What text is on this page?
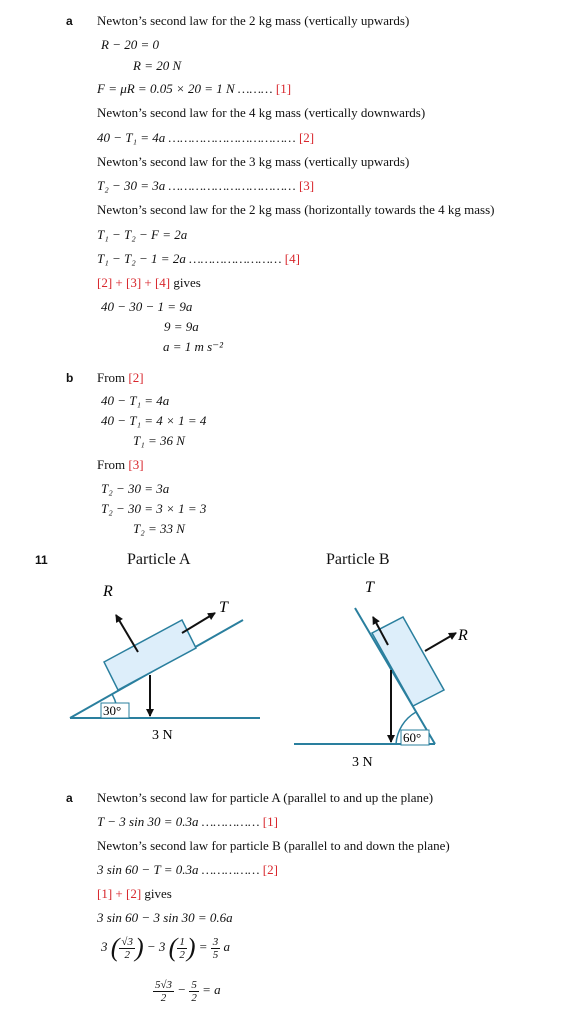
a Newton’s second law for the 2 kg mass (vertically upwards)
R − 20 = 0
R = 20 N
F = μR = 0.05 × 20 = 1 N ……… [1]
Newton’s second law for the 4 kg mass (vertically downwards)
40 − T₁ = 4a …………………………… [2]
Newton’s second law for the 3 kg mass (vertically upwards)
T₂ − 30 = 3a …………………………… [3]
Newton’s second law for the 2 kg mass (horizontally towards the 4 kg mass)
T₁ − T₂ − F = 2a
T₁ − T₂ − 1 = 2a …………………… [4]
[2] + [3] + [4] gives
40 − 30 − 1 = 9a
9 = 9a
a = 1 m s⁻²
b From [2]
40 − T₁ = 4a
40 − T₁ = 4 × 1 = 4
T₁ = 36 N
From [3]
T₂ − 30 = 3a
T₂ − 30 = 3 × 1 = 3
T₂ = 33 N
11	Particle A	Particle B
R
T
30°
3 N
T
R
60°
3 N
a Newton’s second law for particle A (parallel to and up the plane)
T − 3 sin 30 = 0.3a …………… [1]
Newton’s second law for particle B (parallel to and down the plane)
3 sin 60 − T = 0.3a …………… [2]
[1] + [2] gives
3 sin 60 − 3 sin 30 = 0.6a
3 ( $\frac{√3}{2}$ ) − 3 ( $\frac{1}{2}$ ) = $\frac{3}{5}$ a
$\frac{5√3}{2} - \frac{5}{2} = a$
